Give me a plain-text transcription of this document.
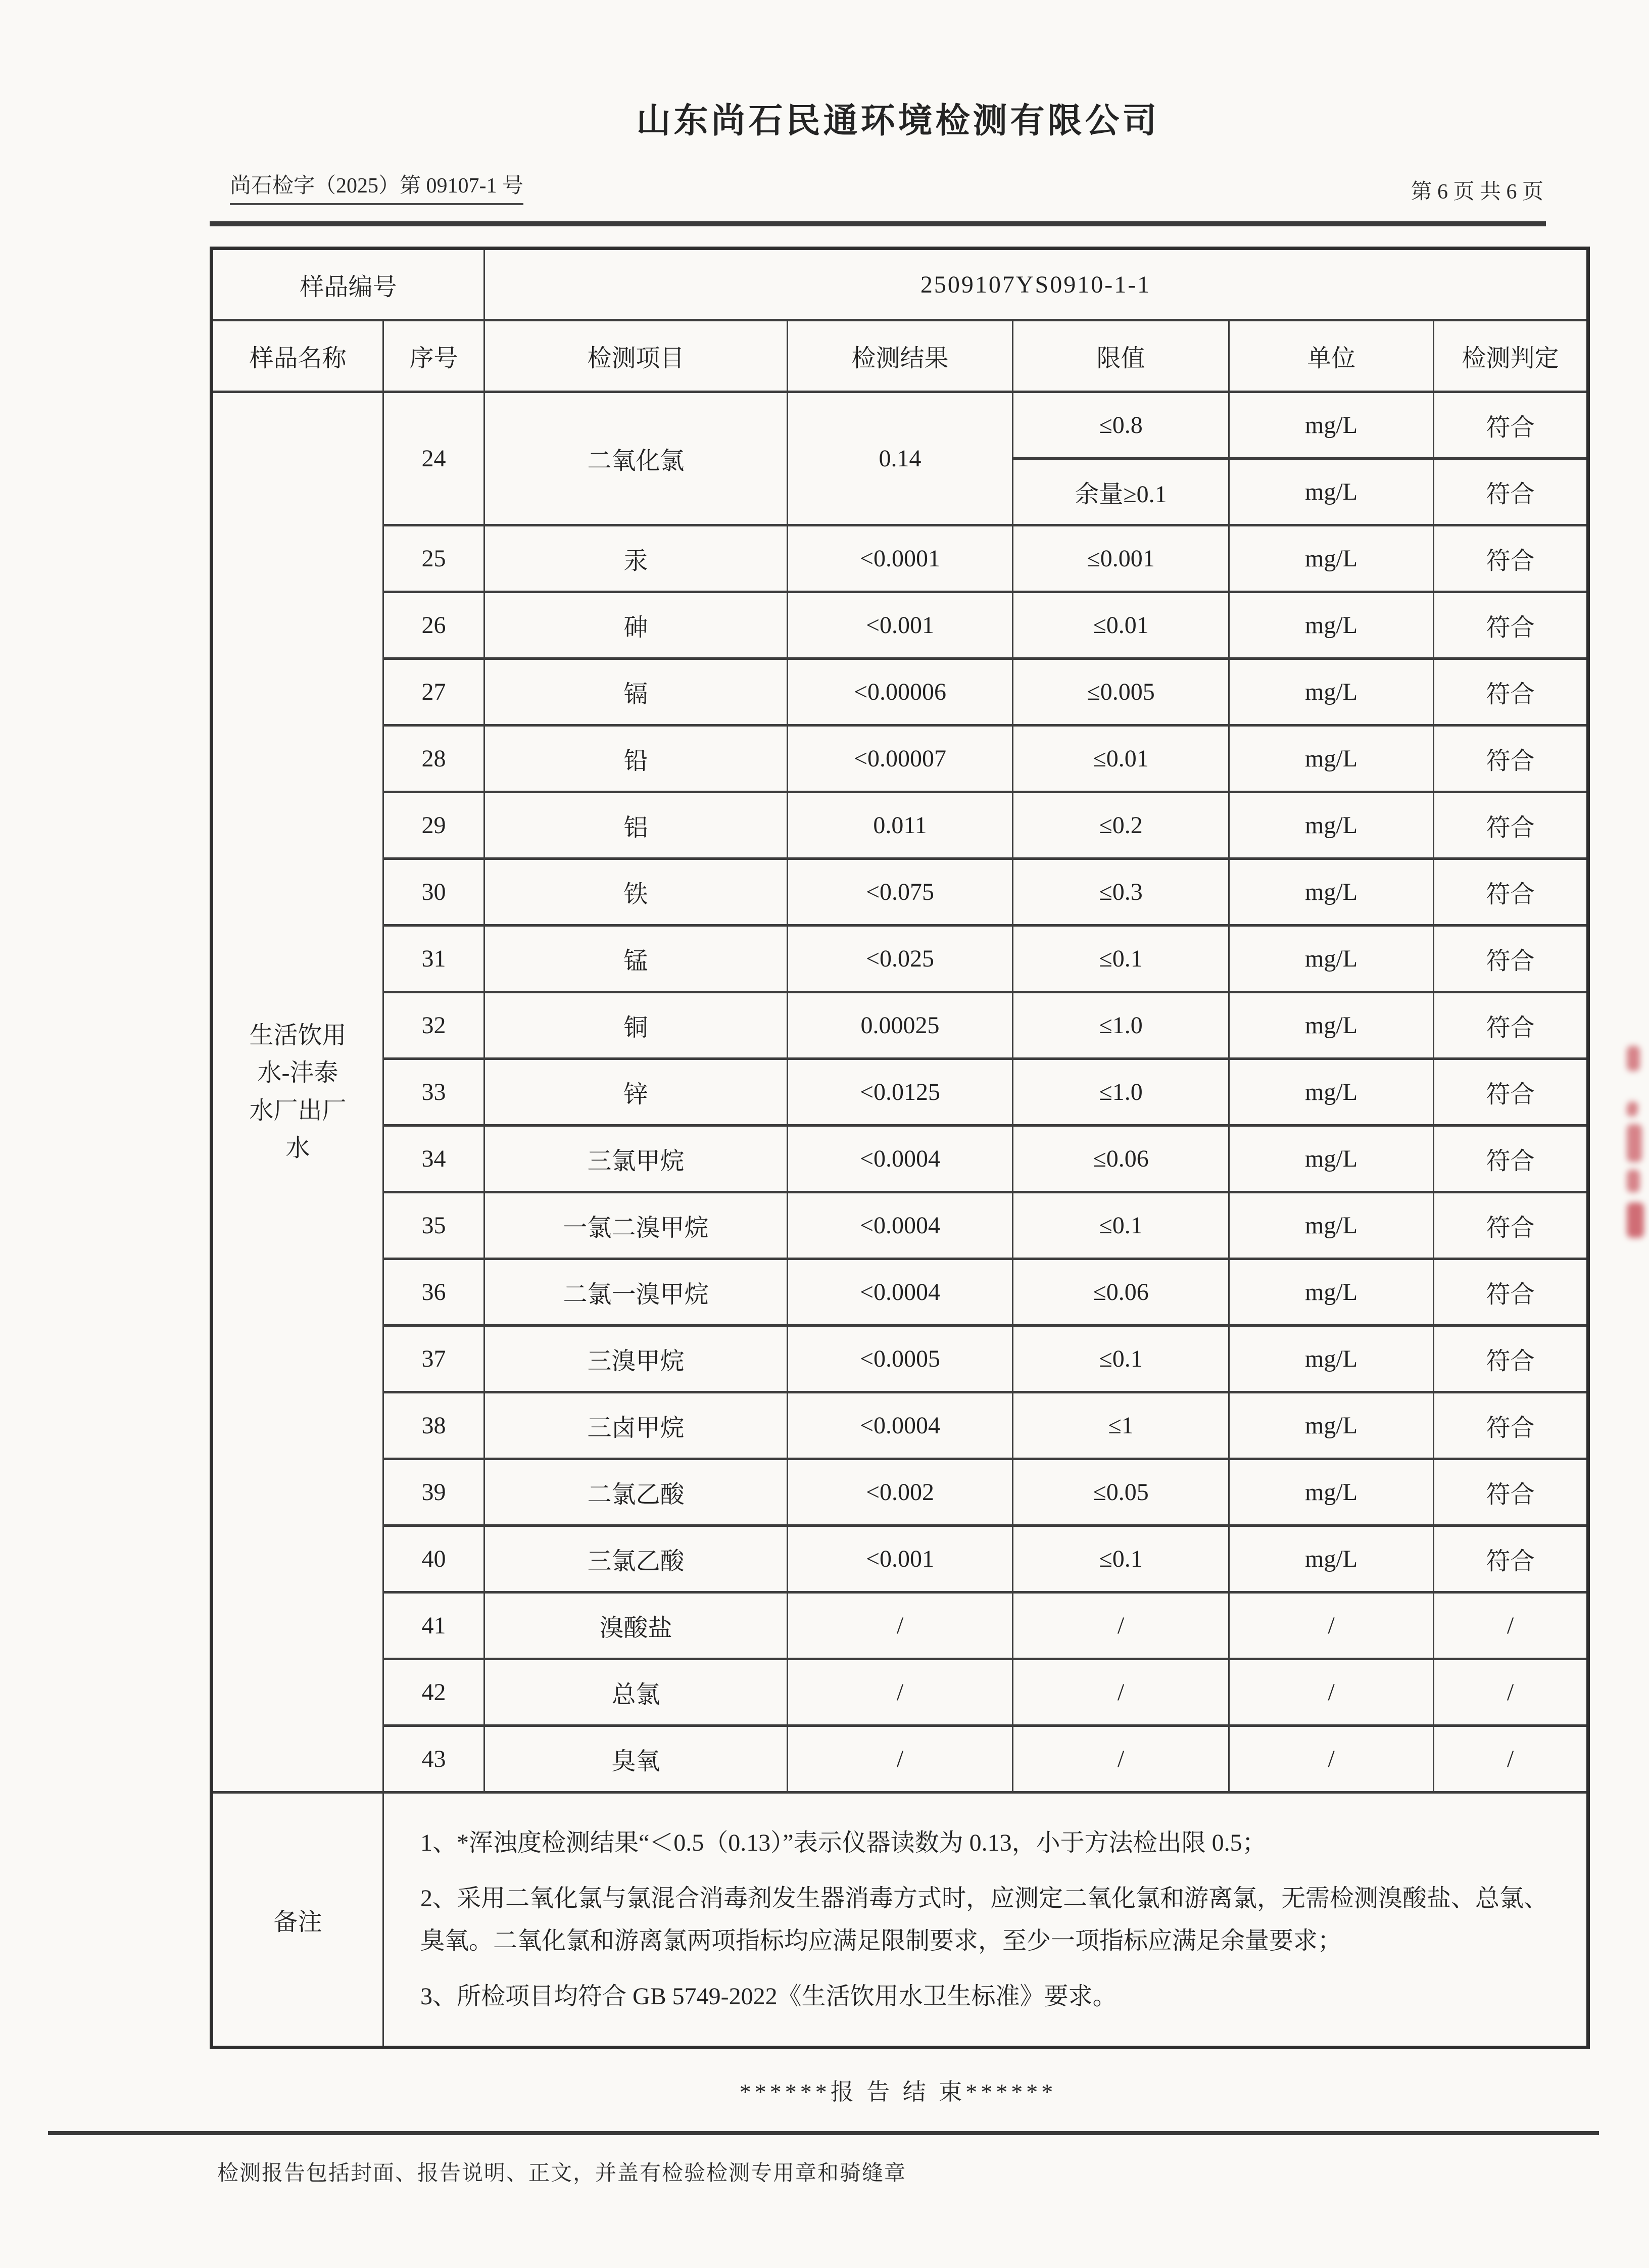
山东尚石民通环境检测有限公司
尚石检字（2025）第 09107-1 号	第 6 页 共 6 页
样品编号		2509107YS0910-1-1				
样品名称	序号	检测项目	检测结果	限值	单位	检测判定

生活饮用
水-沣泰
水厂出厂
水	24	二氧化氯	0.14	≤0.8	mg/L	符合
				余量≥0.1	mg/L	符合
	25	汞	<0.0001	≤0.001	mg/L	符合
	26	砷	<0.001	≤0.01	mg/L	符合
	27	镉	<0.00006	≤0.005	mg/L	符合
	28	铅	<0.00007	≤0.01	mg/L	符合
	29	铝	0.011	≤0.2	mg/L	符合
	30	铁	<0.075	≤0.3	mg/L	符合
	31	锰	<0.025	≤0.1	mg/L	符合
	32	铜	0.00025	≤1.0	mg/L	符合
	33	锌	<0.0125	≤1.0	mg/L	符合
	34	三氯甲烷	<0.0004	≤0.06	mg/L	符合
	35	一氯二溴甲烷	<0.0004	≤0.1	mg/L	符合
	36	二氯一溴甲烷	<0.0004	≤0.06	mg/L	符合
	37	三溴甲烷	<0.0005	≤0.1	mg/L	符合
	38	三卤甲烷	<0.0004	≤1	mg/L	符合
	39	二氯乙酸	<0.002	≤0.05	mg/L	符合
	40	三氯乙酸	<0.001	≤0.1	mg/L	符合
	41	溴酸盐	/	/	/	/
	42	总氯	/	/	/	/
	43	臭氧	/	/	/	/
备注	1、*浑浊度检测结果“＜0.5（0.13）”表示仪器读数为 0.13，小于方法检出限 0.5；

2、采用二氧化氯与氯混合消毒剂发生器消毒方式时，应测定二氧化氯和游离氯，无需检测溴酸盐、总氯、臭氧。二氧化氯和游离氯两项指标均应满足限制要求，至少一项指标应满足余量要求；

3、所检项目均符合 GB 5749-2022《生活饮用水卫生标准》要求。					

******报 告 结 束******
检测报告包括封面、报告说明、正文，并盖有检验检测专用章和骑缝章
